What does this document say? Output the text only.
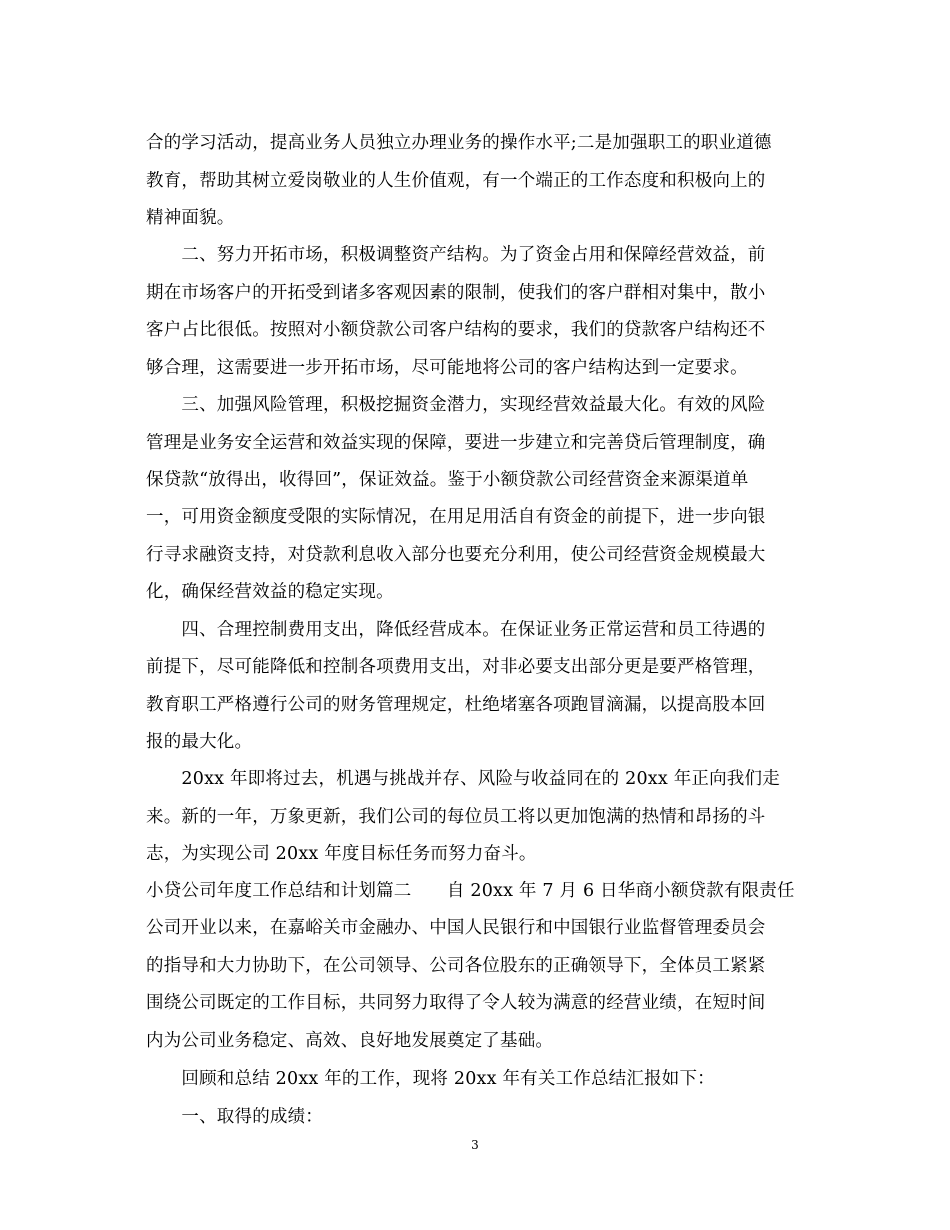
合的学习活动，提高业务人员独立办理业务的操作水平;二是加强职工的职业道德
教育，帮助其树立爱岗敬业的人生价值观，有一个端正的工作态度和积极向上的
精神面貌。
　　二、努力开拓市场，积极调整资产结构。为了资金占用和保障经营效益，前
期在市场客户的开拓受到诸多客观因素的限制，使我们的客户群相对集中，散小
客户占比很低。按照对小额贷款公司客户结构的要求，我们的贷款客户结构还不
够合理，这需要进一步开拓市场，尽可能地将公司的客户结构达到一定要求。
　　三、加强风险管理，积极挖掘资金潜力，实现经营效益最大化。有效的风险
管理是业务安全运营和效益实现的保障，要进一步建立和完善贷后管理制度，确
保贷款“放得出，收得回”，保证效益。鉴于小额贷款公司经营资金来源渠道单
一，可用资金额度受限的实际情况，在用足用活自有资金的前提下，进一步向银
行寻求融资支持，对贷款利息收入部分也要充分利用，使公司经营资金规模最大
化，确保经营效益的稳定实现。
　　四、合理控制费用支出，降低经营成本。在保证业务正常运营和员工待遇的
前提下，尽可能降低和控制各项费用支出，对非必要支出部分更是要严格管理，
教育职工严格遵行公司的财务管理规定，杜绝堵塞各项跑冒滴漏，以提高股本回
报的最大化。
　　20xx 年即将过去，机遇与挑战并存、风险与收益同在的 20xx 年正向我们走
来。新的一年，万象更新，我们公司的每位员工将以更加饱满的热情和昂扬的斗
志，为实现公司 20xx 年度目标任务而努力奋斗。
小贷公司年度工作总结和计划篇二　　自 20xx 年 7 月 6 日华商小额贷款有限责任
公司开业以来，在嘉峪关市金融办、中国人民银行和中国银行业监督管理委员会
的指导和大力协助下，在公司领导、公司各位股东的正确领导下，全体员工紧紧
围绕公司既定的工作目标，共同努力取得了令人较为满意的经营业绩，在短时间
内为公司业务稳定、高效、良好地发展奠定了基础。
　　回顾和总结 20xx 年的工作，现将 20xx 年有关工作总结汇报如下：
　　一、取得的成绩：
3
